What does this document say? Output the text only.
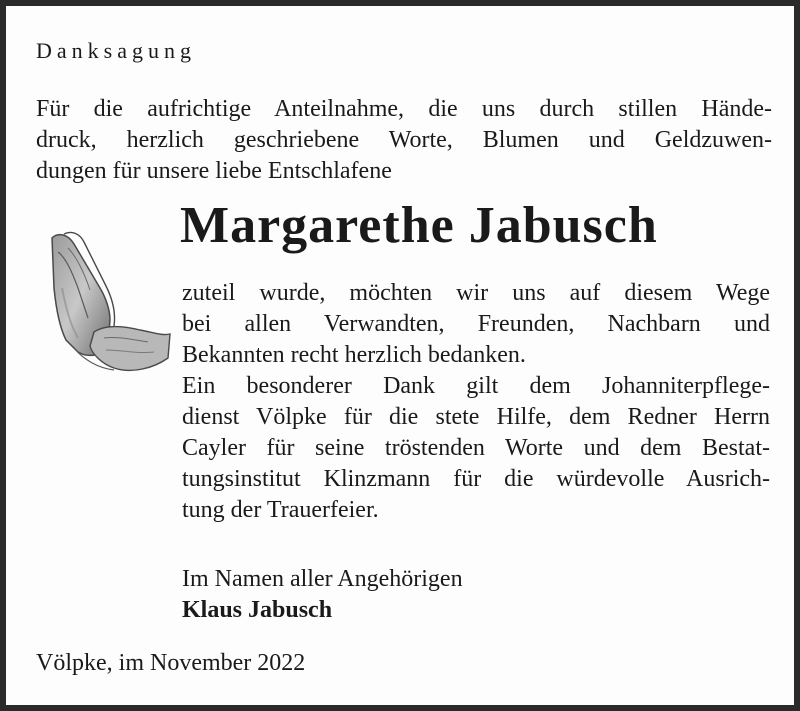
Danksagung
Für die aufrichtige Anteilnahme, die uns durch stillen Hände-
druck, herzlich geschriebene Worte, Blumen und Geldzuwen-
dungen für unsere liebe Entschlafene
Margarethe Jabusch
zuteil wurde, möchten wir uns auf diesem Wege
bei allen Verwandten, Freunden, Nachbarn und
Bekannten recht herzlich bedanken.
Ein besonderer Dank gilt dem Johanniterpflege-
dienst Völpke für die stete Hilfe, dem Redner Herrn
Cayler für seine tröstenden Worte und dem Bestat-
tungsinstitut Klinzmann für die würdevolle Ausrich-
tung der Trauerfeier.
Im Namen aller Angehörigen
Klaus Jabusch
Völpke, im November 2022
